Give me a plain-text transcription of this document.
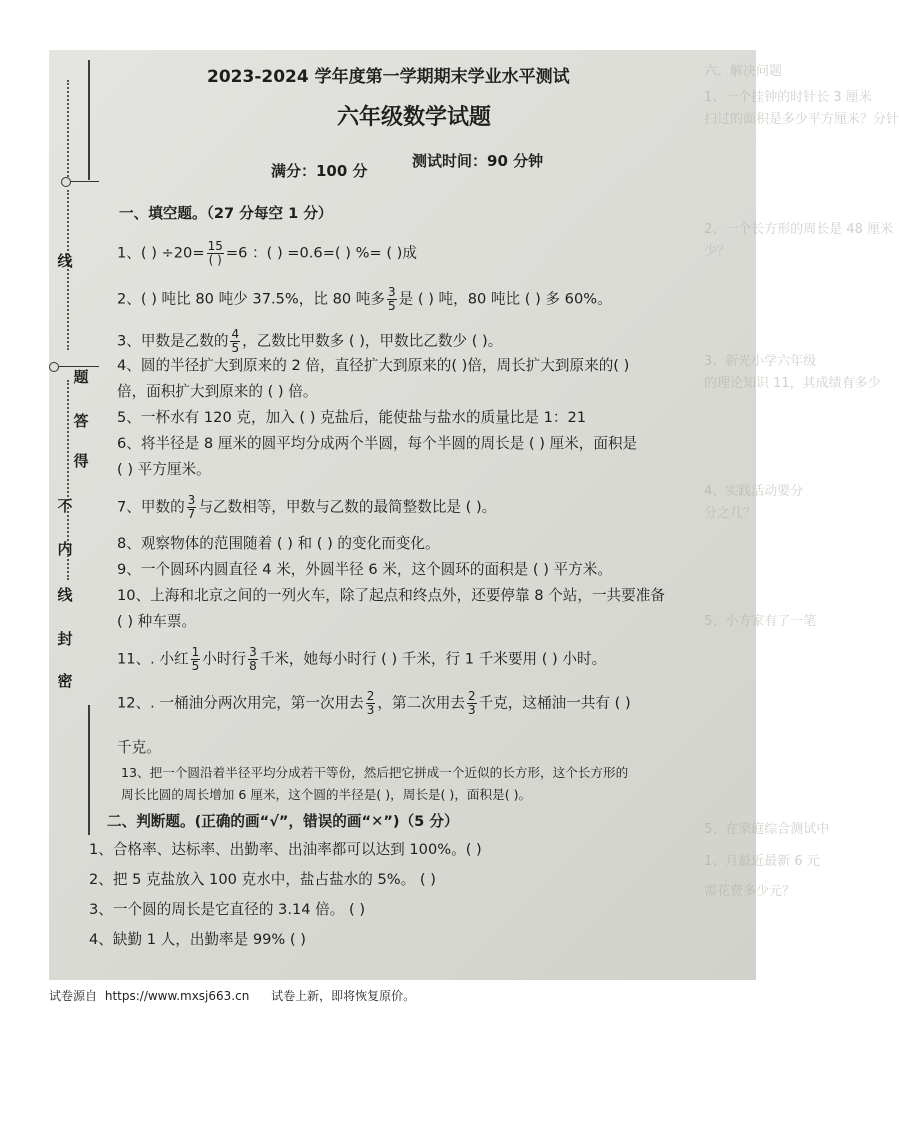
六、解决问题
1、一个挂钟的时针长 3 厘米
扫过的面积是多少平方厘米？分针
2、一个长方形的周长是 48 厘米
少？
3、新光小学六年级
的理论知识 11，其成绩有多少
4、实践活动要分
分之几？
5、小方家有了一笔
5、在家庭综合测试中
1、月最近最新 6 元
需花费多少元？
线
题
答
得
不
内
线
封
密
2023-2024 学年度第一学期期末学业水平测试
六年级数学试题
满分：100 分
测试时间：90 分钟
一、填空题。（27 分每空 1 分）
1、( ) $\div 20= \frac{15}{( )} =6$ ：( ) =0.6=( ) %= ( )成
2、( ) 吨比 80 吨少 37.5%，比 80 吨多 $\frac{3}{5}$ 是 ( ) 吨，80 吨比 ( ) 多 60%。
3、甲数是乙数的 $\frac{4}{5}$ ，乙数比甲数多 ( )，甲数比乙数少 ( )。
4、圆的半径扩大到原来的 2 倍，直径扩大到原来的( )倍，周长扩大到原来的( )
倍，面积扩大到原来的 ( ) 倍。
5、一杯水有 120 克，加入 ( ) 克盐后，能使盐与盐水的质量比是 1：21
6、将半径是 8 厘米的圆平均分成两个半圆，每个半圆的周长是 ( ) 厘米，面积是
( ) 平方厘米。
7、甲数的 $\frac{3}{7}$ 与乙数相等，甲数与乙数的最简整数比是 ( )。
8、观察物体的范围随着 ( ) 和 ( ) 的变化而变化。
9、一个圆环内圆直径 4 米，外圆半径 6 米，这个圆环的面积是 ( ) 平方米。
10、上海和北京之间的一列火车，除了起点和终点外，还要停靠 8 个站，一共要准备
( ) 种车票。
11、. 小红 $\frac{1}{5}$ 小时行 $\frac{3}{8}$ 千米，她每小时行 ( ) 千米，行 1 千米要用 ( ) 小时。
12、. 一桶油分两次用完，第一次用去 $\frac{2}{3}$ ，第二次用去 $\frac{2}{3}$ 千克，这桶油一共有 ( )
千克。
13、把一个圆沿着半径平均分成若干等份，然后把它拼成一个近似的长方形，这个长方形的
周长比圆的周长增加 6 厘米，这个圆的半径是( )，周长是( )，面积是( )。
二、判断题。(正确的画“√”，错误的画“✕”)（5 分）
1、合格率、达标率、出勤率、出油率都可以达到 100%。( )
2、把 5 克盐放入 100 克水中，盐占盐水的 5%。 ( )
3、一个圆的周长是它直径的 3.14 倍。 ( )
4、缺勤 1 人，出勤率是 99% ( )
试卷源自 https://www.mxsj663.cn 试卷上新，即将恢复原价。
